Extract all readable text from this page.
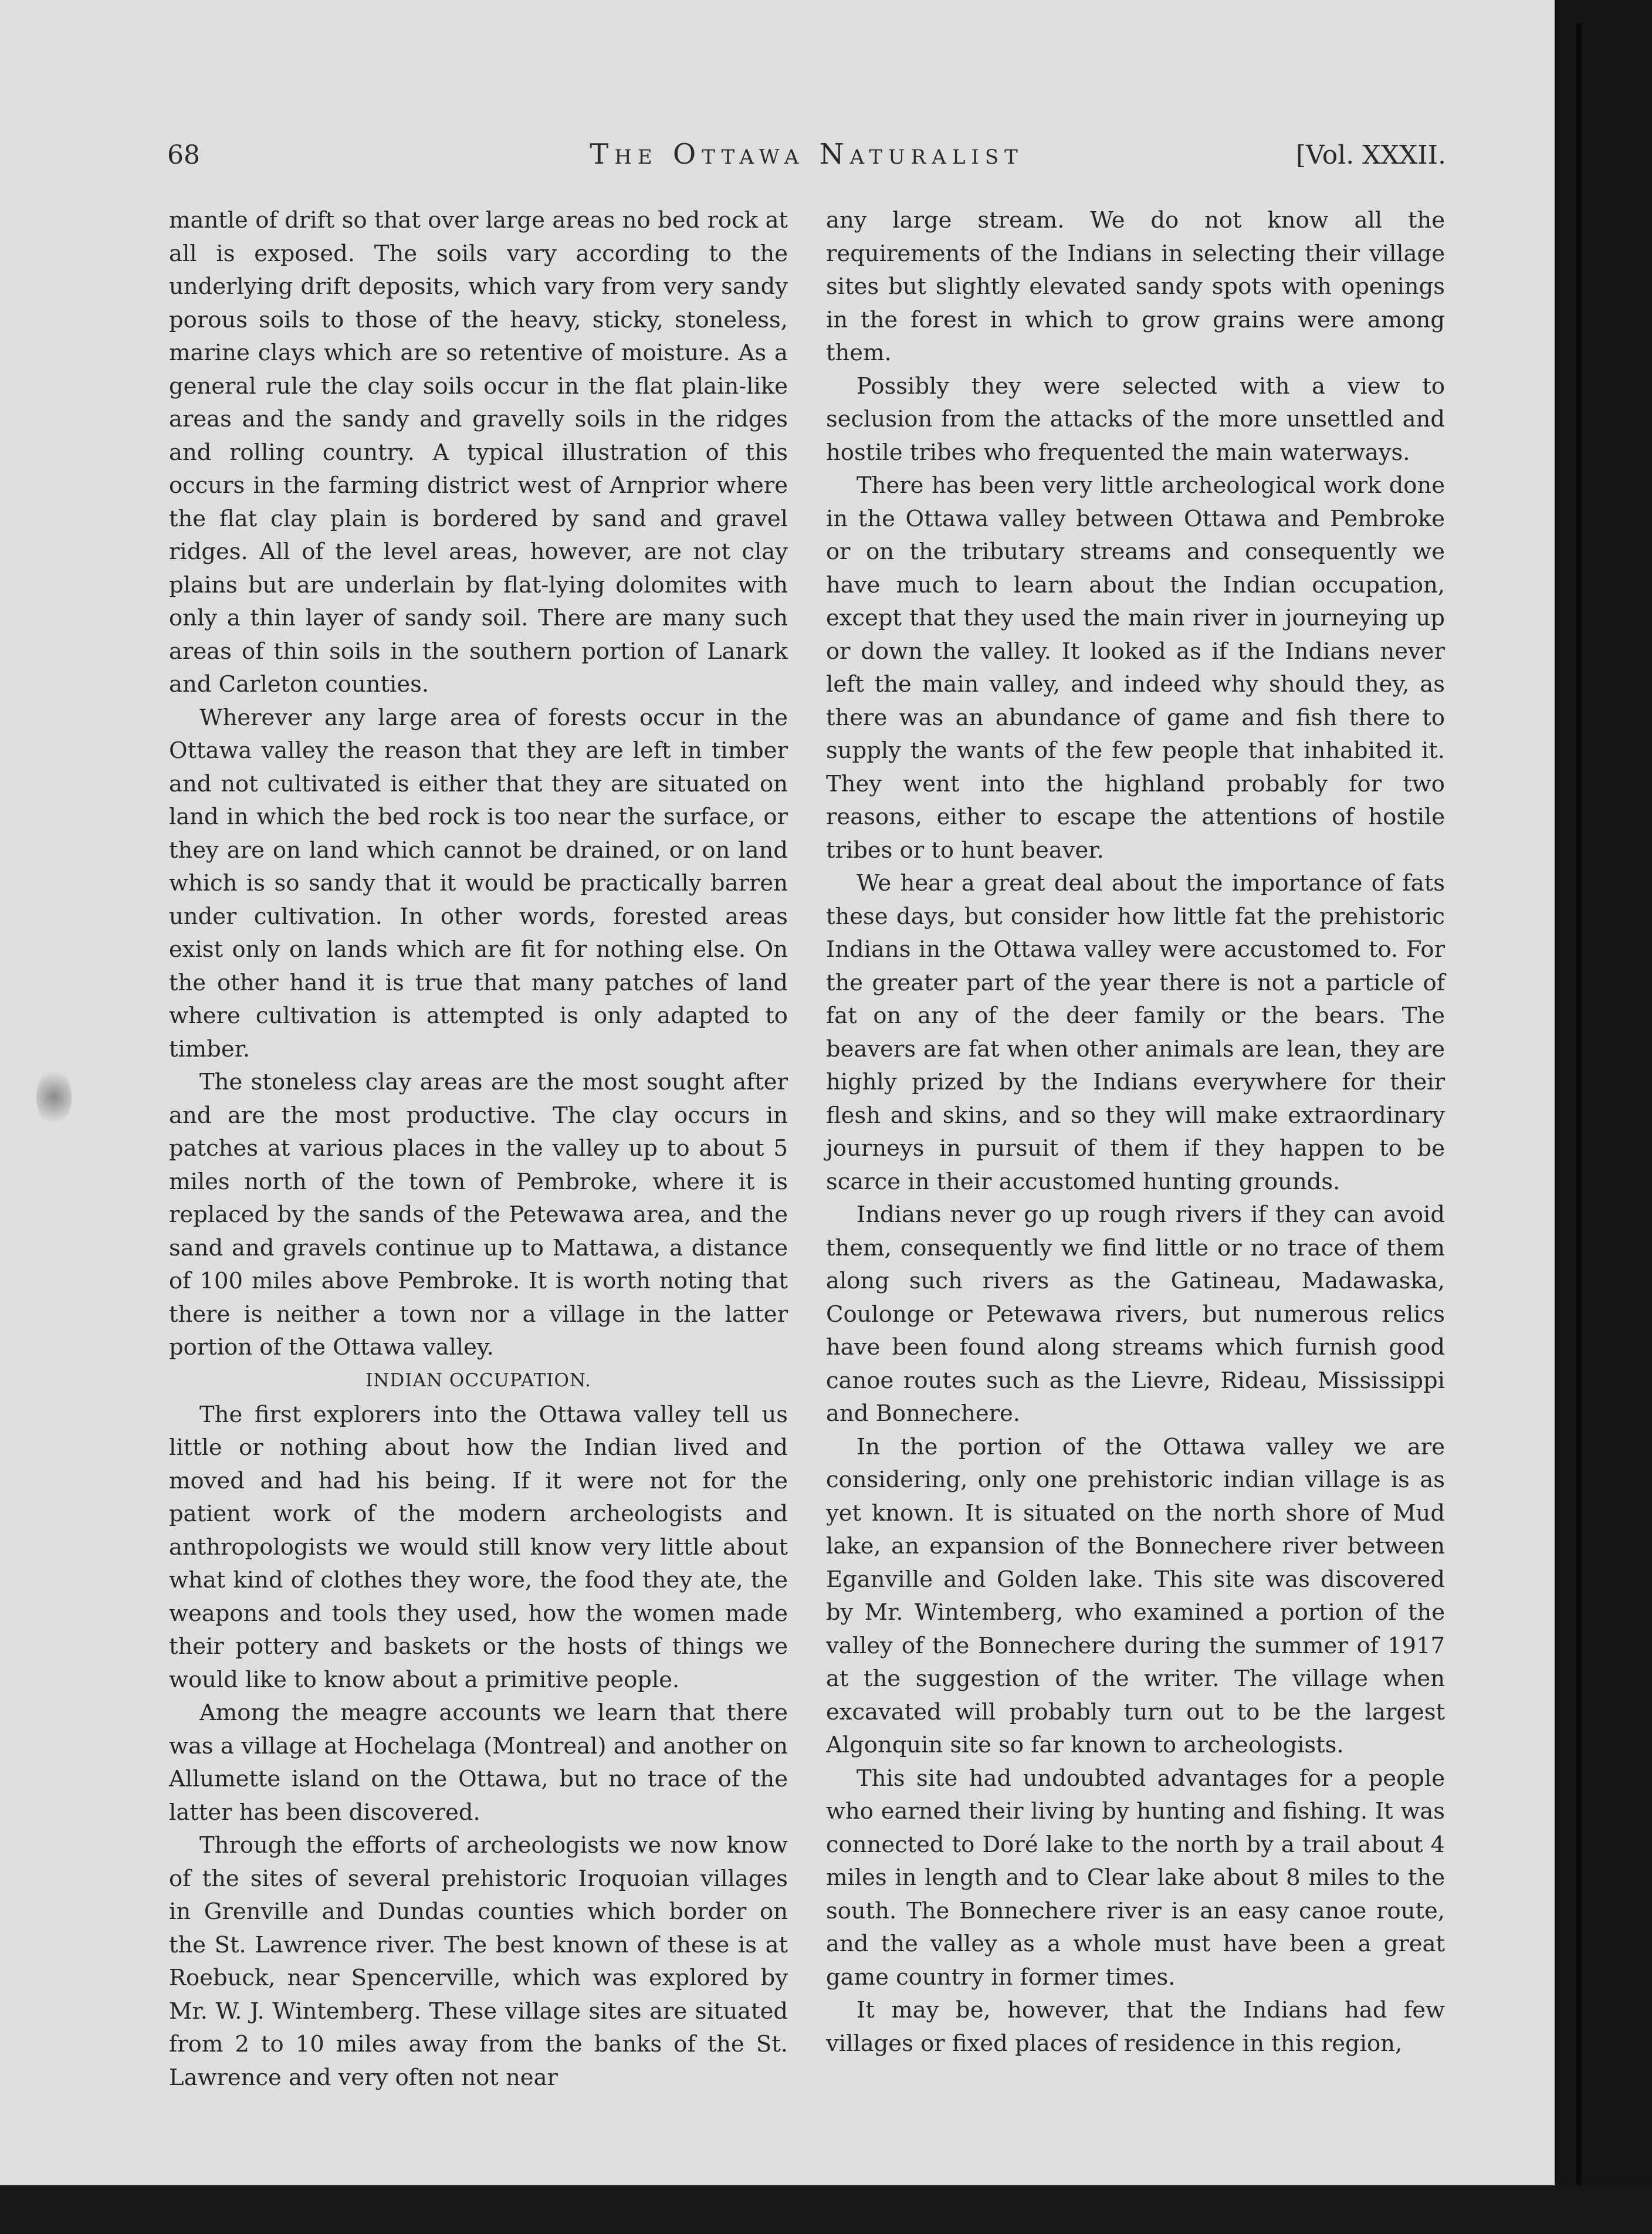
68	The Ottawa Naturalist	[Vol. XXXII.

mantle of drift so that over large areas no bed rock at all is exposed. The soils vary according to the underlying drift deposits, which vary from very sandy porous soils to those of the heavy, sticky, stoneless, marine clays which are so retentive of moisture. As a general rule the clay soils occur in the flat plain-like areas and the sandy and gravelly soils in the ridges and rolling country. A typical illustration of this occurs in the farming district west of Arnprior where the flat clay plain is bordered by sand and gravel ridges. All of the level areas, however, are not clay plains but are underlain by flat-lying dolomites with only a thin layer of sandy soil. There are many such areas of thin soils in the southern portion of Lanark and Carleton counties.

Wherever any large area of forests occur in the Ottawa valley the reason that they are left in timber and not cultivated is either that they are situated on land in which the bed rock is too near the surface, or they are on land which cannot be drained, or on land which is so sandy that it would be practically barren under cultivation. In other words, forested areas exist only on lands which are fit for nothing else. On the other hand it is true that many patches of land where cultivation is attempted is only adapted to timber.

The stoneless clay areas are the most sought after and are the most productive. The clay occurs in patches at various places in the valley up to about 5 miles north of the town of Pembroke, where it is replaced by the sands of the Petewawa area, and the sand and gravels continue up to Mattawa, a distance of 100 miles above Pembroke. It is worth noting that there is neither a town nor a village in the latter portion of the Ottawa valley.

INDIAN OCCUPATION.

The first explorers into the Ottawa valley tell us little or nothing about how the Indian lived and moved and had his being. If it were not for the patient work of the modern archeologists and anthropologists we would still know very little about what kind of clothes they wore, the food they ate, the weapons and tools they used, how the women made their pottery and baskets or the hosts of things we would like to know about a primitive people.

Among the meagre accounts we learn that there was a village at Hochelaga (Montreal) and another on Allumette island on the Ottawa, but no trace of the latter has been discovered.

Through the efforts of archeologists we now know of the sites of several prehistoric Iroquoian villages in Grenville and Dundas counties which border on the St. Lawrence river. The best known of these is at Roebuck, near Spencerville, which was explored by Mr. W. J. Wintemberg. These village sites are situated from 2 to 10 miles away from the banks of the St. Lawrence and very often not near

any large stream. We do not know all the requirements of the Indians in selecting their village sites but slightly elevated sandy spots with openings in the forest in which to grow grains were among them.

Possibly they were selected with a view to seclusion from the attacks of the more unsettled and hostile tribes who frequented the main waterways.

There has been very little archeological work done in the Ottawa valley between Ottawa and Pembroke or on the tributary streams and consequently we have much to learn about the Indian occupation, except that they used the main river in journeying up or down the valley. It looked as if the Indians never left the main valley, and indeed why should they, as there was an abundance of game and fish there to supply the wants of the few people that inhabited it. They went into the highland probably for two reasons, either to escape the attentions of hostile tribes or to hunt beaver.

We hear a great deal about the importance of fats these days, but consider how little fat the prehistoric Indians in the Ottawa valley were accustomed to. For the greater part of the year there is not a particle of fat on any of the deer family or the bears. The beavers are fat when other animals are lean, they are highly prized by the Indians everywhere for their flesh and skins, and so they will make extraordinary journeys in pursuit of them if they happen to be scarce in their accustomed hunting grounds.

Indians never go up rough rivers if they can avoid them, consequently we find little or no trace of them along such rivers as the Gatineau, Madawaska, Coulonge or Petewawa rivers, but numerous relics have been found along streams which furnish good canoe routes such as the Lievre, Rideau, Mississippi and Bonnechere.

In the portion of the Ottawa valley we are considering, only one prehistoric indian village is as yet known. It is situated on the north shore of Mud lake, an expansion of the Bonnechere river between Eganville and Golden lake. This site was discovered by Mr. Wintemberg, who examined a portion of the valley of the Bonnechere during the summer of 1917 at the suggestion of the writer. The village when excavated will probably turn out to be the largest Algonquin site so far known to archeologists.

This site had undoubted advantages for a people who earned their living by hunting and fishing. It was connected to Doré lake to the north by a trail about 4 miles in length and to Clear lake about 8 miles to the south. The Bonnechere river is an easy canoe route, and the valley as a whole must have been a great game country in former times.

It may be, however, that the Indians had few villages or fixed places of residence in this region,
